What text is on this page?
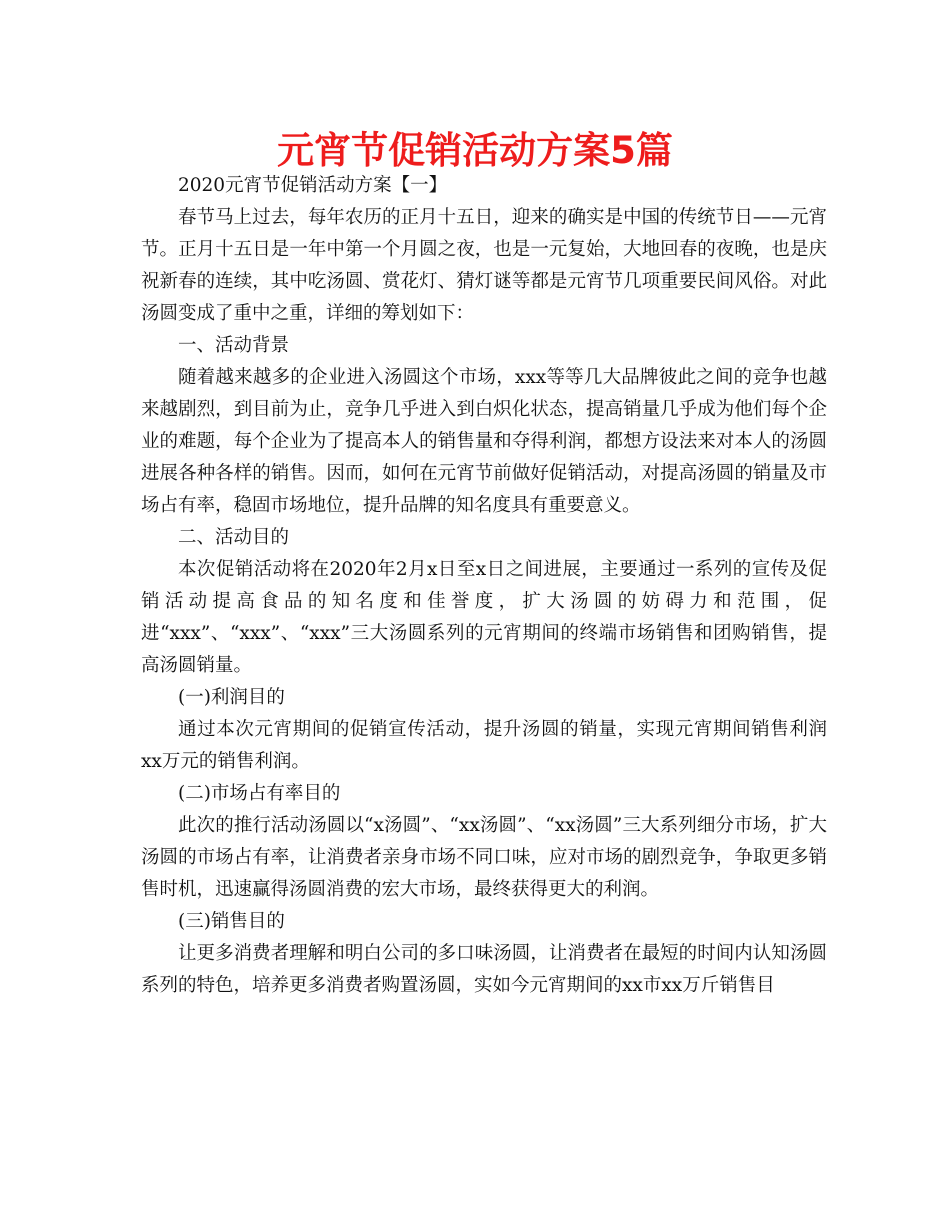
元宵节促销活动方案5篇

2020元宵节促销活动方案【一】

春节马上过去，每年农历的正月十五日，迎来的确实是中国的传统节日——元宵节。正月十五日是一年中第一个月圆之夜，也是一元复始，大地回春的夜晚，也是庆祝新春的连续，其中吃汤圆、赏花灯、猜灯谜等都是元宵节几项重要民间风俗。对此汤圆变成了重中之重，详细的筹划如下：

一、活动背景

随着越来越多的企业进入汤圆这个市场，xxx等等几大品牌彼此之间的竞争也越来越剧烈，到目前为止，竞争几乎进入到白炽化状态，提高销量几乎成为他们每个企业的难题，每个企业为了提高本人的销售量和夺得利润，都想方设法来对本人的汤圆进展各种各样的销售。因而，如何在元宵节前做好促销活动，对提高汤圆的销量及市场占有率，稳固市场地位，提升品牌的知名度具有重要意义。

二、活动目的

本次促销活动将在2020年2月x日至x日之间进展，主要通过一系列的宣传及促销活动提高食品的知名度和佳誉度，扩大汤圆的妨碍力和范围，促进“xxx”、“xxx”、“xxx”三大汤圆系列的元宵期间的终端市场销售和团购销售，提高汤圆销量。

(一)利润目的

通过本次元宵期间的促销宣传活动，提升汤圆的销量，实现元宵期间销售利润xx万元的销售利润。

(二)市场占有率目的

此次的推行活动汤圆以“x汤圆”、“xx汤圆”、“xx汤圆”三大系列细分市场，扩大汤圆的市场占有率，让消费者亲身市场不同口味，应对市场的剧烈竞争，争取更多销售时机，迅速赢得汤圆消费的宏大市场，最终获得更大的利润。

(三)销售目的

让更多消费者理解和明白公司的多口味汤圆，让消费者在最短的时间内认知汤圆系列的特色，培养更多消费者购置汤圆，实如今元宵期间的xx市xx万斤销售目
